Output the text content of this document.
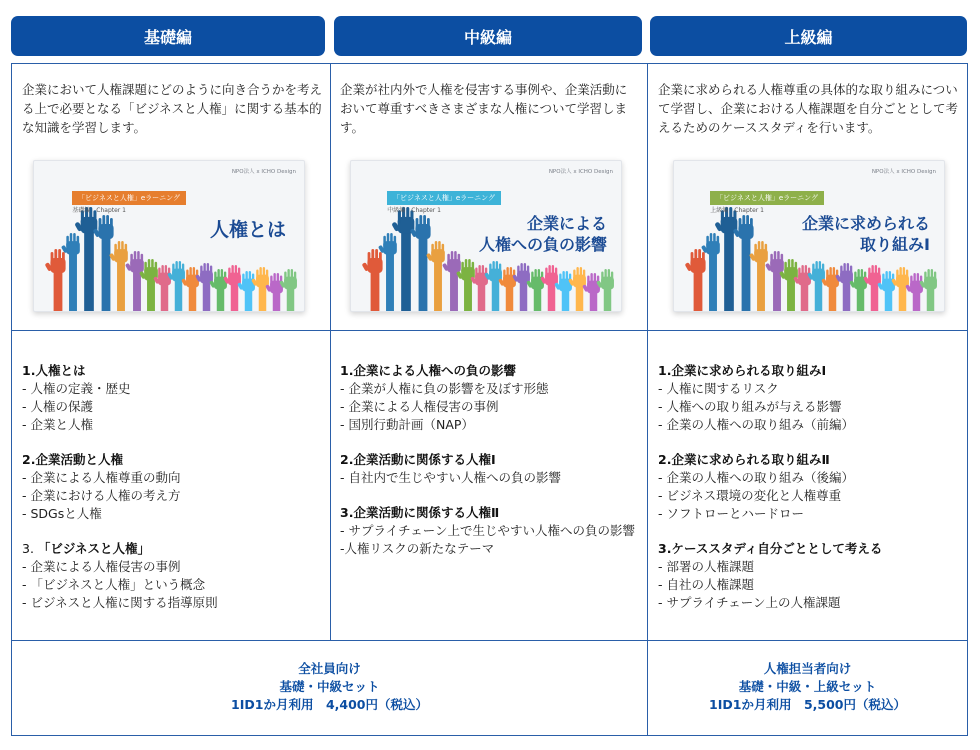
基礎編	中級編	上級編

企業において人権課題にどのように向き合うかを考える上で必要となる「ビジネスと人権」に関する基本的な知識を学習します。

企業が社内外で人権を侵害する事例や、企業活動において尊重すべきさまざまな人権について学習します。

企業に求められる人権尊重の具体的な取り組みについて学習し、企業における人権課題を自分ごととして考えるためのケーススタディを行います。

NPO法人 x ICHO Design
「ビジネスと人権」eラーニング
基礎編　Chapter 1
人権とは
NPO法人 x ICHO Design
「ビジネスと人権」eラーニング
中級編　Chapter 1
企業による
人権への負の影響
NPO法人 x ICHO Design
「ビジネスと人権」eラーニング
上級編　Chapter 1
企業に求められる
取り組みⅠ
1.人権とは
- 人権の定義・歴史
- 人権の保護
- 企業と人権
2.企業活動と人権
- 企業による人権尊重の動向
- 企業における人権の考え方
- SDGsと人権
3. 「ビジネスと人権」
- 企業による人権侵害の事例
- 「ビジネスと人権」という概念
- ビジネスと人権に関する指導原則
1.企業による人権への負の影響
- 企業が人権に負の影響を及ぼす形態
- 企業による人権侵害の事例
- 国別行動計画（NAP）
2.企業活動に関係する人権Ⅰ
- 自社内で生じやすい人権への負の影響
3.企業活動に関係する人権Ⅱ
- サプライチェーン上で生じやすい人権への負の影響
-人権リスクの新たなテーマ
1.企業に求められる取り組みⅠ
- 人権に関するリスク
- 人権への取り組みが与える影響
- 企業の人権への取り組み（前編）
2.企業に求められる取り組みⅡ
- 企業の人権への取り組み（後編）
- ビジネス環境の変化と人権尊重
- ソフトローとハードロー
3.ケーススタディ自分ごととして考える
- 部署の人権課題
- 自社の人権課題
- サプライチェーン上の人権課題
全社員向け
基礎・中級セット
1ID1か月利用　4,400円（税込）
人権担当者向け
基礎・中級・上級セット
1ID1か月利用　5,500円（税込）
